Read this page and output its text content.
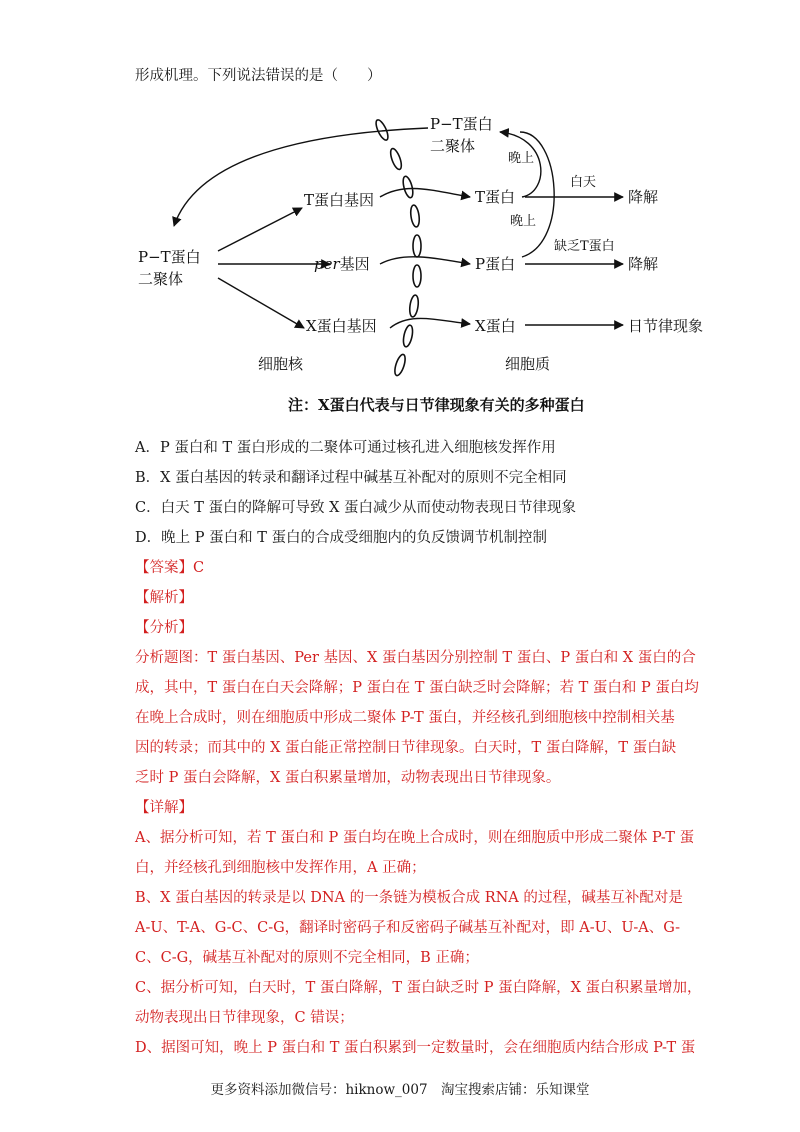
形成机理。下列说法错误的是（　　）
P−T蛋白
二聚体
P−T蛋白
二聚体
T蛋白基因
per基因
X蛋白基因
T蛋白
P蛋白
X蛋白
晚上
晚上
白天
缺乏T蛋白
降解
降解
日节律现象
细胞核	细胞质
注：X蛋白代表与日节律现象有关的多种蛋白
A．P 蛋白和 T 蛋白形成的二聚体可通过核孔进入细胞核发挥作用
B．X 蛋白基因的转录和翻译过程中碱基互补配对的原则不完全相同
C．白天 T 蛋白的降解可导致 X 蛋白减少从而使动物表现日节律现象
D．晚上 P 蛋白和 T 蛋白的合成受细胞内的负反馈调节机制控制
【答案】C
【解析】
【分析】
分析题图：T 蛋白基因、Per 基因、X 蛋白基因分别控制 T 蛋白、P 蛋白和 X 蛋白的合
成，其中，T 蛋白在白天会降解；P 蛋白在 T 蛋白缺乏时会降解；若 T 蛋白和 P 蛋白均
在晚上合成时，则在细胞质中形成二聚体 P-T 蛋白，并经核孔到细胞核中控制相关基
因的转录；而其中的 X 蛋白能正常控制日节律现象。白天时，T 蛋白降解，T 蛋白缺
乏时 P 蛋白会降解，X 蛋白积累量增加，动物表现出日节律现象。
【详解】
A、据分析可知，若 T 蛋白和 P 蛋白均在晚上合成时，则在细胞质中形成二聚体 P-T 蛋
白，并经核孔到细胞核中发挥作用，A 正确；
B、X 蛋白基因的转录是以 DNA 的一条链为模板合成 RNA 的过程，碱基互补配对是
A-U、T-A、G-C、C-G，翻译时密码子和反密码子碱基互补配对，即 A-U、U-A、G-
C、C-G，碱基互补配对的原则不完全相同，B 正确；
C、据分析可知，白天时，T 蛋白降解，T 蛋白缺乏时 P 蛋白降解，X 蛋白积累量增加，
动物表现出日节律现象，C 错误；
D、据图可知，晚上 P 蛋白和 T 蛋白积累到一定数量时，会在细胞质内结合形成 P-T 蛋
更多资料添加微信号：hiknow_007　淘宝搜索店铺：乐知课堂
